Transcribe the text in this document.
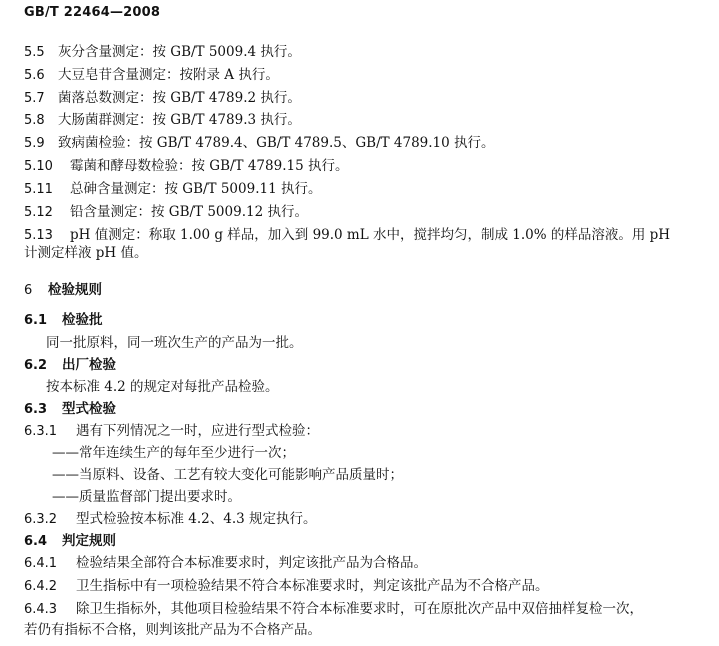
GB/T 22464—2008
5.5 灰分含量测定：按 GB/T 5009.4 执行。
5.6 大豆皂苷含量测定：按附录 A 执行。
5.7 菌落总数测定：按 GB/T 4789.2 执行。
5.8 大肠菌群测定：按 GB/T 4789.3 执行。
5.9 致病菌检验：按 GB/T 4789.4、GB/T 4789.5、GB/T 4789.10 执行。
5.10 霉菌和酵母数检验：按 GB/T 4789.15 执行。
5.11 总砷含量测定：按 GB/T 5009.11 执行。
5.12 铅含量测定：按 GB/T 5009.12 执行。
5.13 pH 值测定：称取 1.00 g 样品，加入到 99.0 mL 水中，搅拌均匀，制成 1.0% 的样品溶液。用 pH
计测定样液 pH 值。
6 检验规则
6.1 检验批
同一批原料，同一班次生产的产品为一批。
6.2 出厂检验
按本标准 4.2 的规定对每批产品检验。
6.3 型式检验
6.3.1 遇有下列情况之一时，应进行型式检验：
——常年连续生产的每年至少进行一次；
——当原料、设备、工艺有较大变化可能影响产品质量时；
——质量监督部门提出要求时。
6.3.2 型式检验按本标准 4.2、4.3 规定执行。
6.4 判定规则
6.4.1 检验结果全部符合本标准要求时，判定该批产品为合格品。
6.4.2 卫生指标中有一项检验结果不符合本标准要求时，判定该批产品为不合格产品。
6.4.3 除卫生指标外，其他项目检验结果不符合本标准要求时，可在原批次产品中双倍抽样复检一次，
若仍有指标不合格，则判该批产品为不合格产品。
